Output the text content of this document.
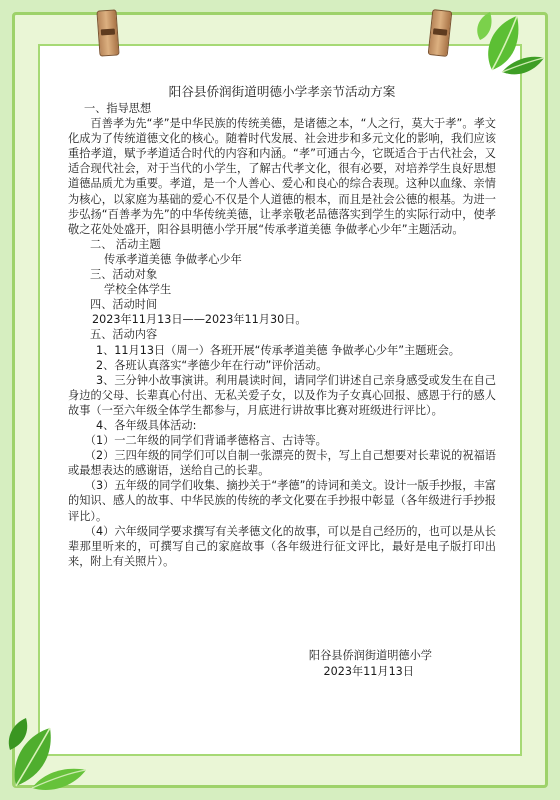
阳谷县侨润街道明德小学孝亲节活动方案
一、指导思想
百善孝为先“孝”是中华民族的传统美德，是诸德之本，“人之行，莫大于孝”。孝文化成为了传统道德文化的核心。随着时代发展、社会进步和多元文化的影响，我们应该重拾孝道，赋予孝道适合时代的内容和内涵。“孝”可通古今，它既适合于古代社会，又适合现代社会，对于当代的小学生，了解古代孝文化，很有必要，对培养学生良好思想道德品质尤为重要。孝道，是一个人善心、爱心和良心的综合表现。这种以血缘、亲情为核心，以家庭为基础的爱心不仅是个人道德的根本，而且是社会公德的根基。为进一步弘扬“百善孝为先”的中华传统美德，让孝亲敬老品德落实到学生的实际行动中，使孝敬之花处处盛开，阳谷县明德小学开展“传承孝道美德 争做孝心少年”主题活动。
二、 活动主题
传承孝道美德 争做孝心少年
三、活动对象
学校全体学生
四、活动时间
2023年11月13日——2023年11月30日。
五、活动内容
1、11月13日（周一）各班开展“传承孝道美德 争做孝心少年”主题班会。
2、各班认真落实“孝德少年在行动”评价活动。
3、三分钟小故事演讲。利用晨读时间，请同学们讲述自己亲身感受或发生在自己身边的父母、长辈真心付出、无私关爱子女，以及作为子女真心回报、感恩于行的感人故事（一至六年级全体学生都参与，月底进行讲故事比赛对班级进行评比）。
4、各年级具体活动:
（1）一二年级的同学们背诵孝德格言、古诗等。
（2）三四年级的同学们可以自制一张漂亮的贺卡，写上自己想要对长辈说的祝福语或最想表达的感谢语，送给自己的长辈。
（3）五年级的同学们收集、摘抄关于“孝德”的诗词和美文。设计一版手抄报，丰富的知识、感人的故事、中华民族的传统的孝文化要在手抄报中彰显（各年级进行手抄报评比）。
（4）六年级同学要求撰写有关孝德文化的故事，可以是自己经历的，也可以是从长辈那里听来的，可撰写自己的家庭故事（各年级进行征文评比，最好是电子版打印出来，附上有关照片）。
阳谷县侨润街道明德小学
2023年11月13日
